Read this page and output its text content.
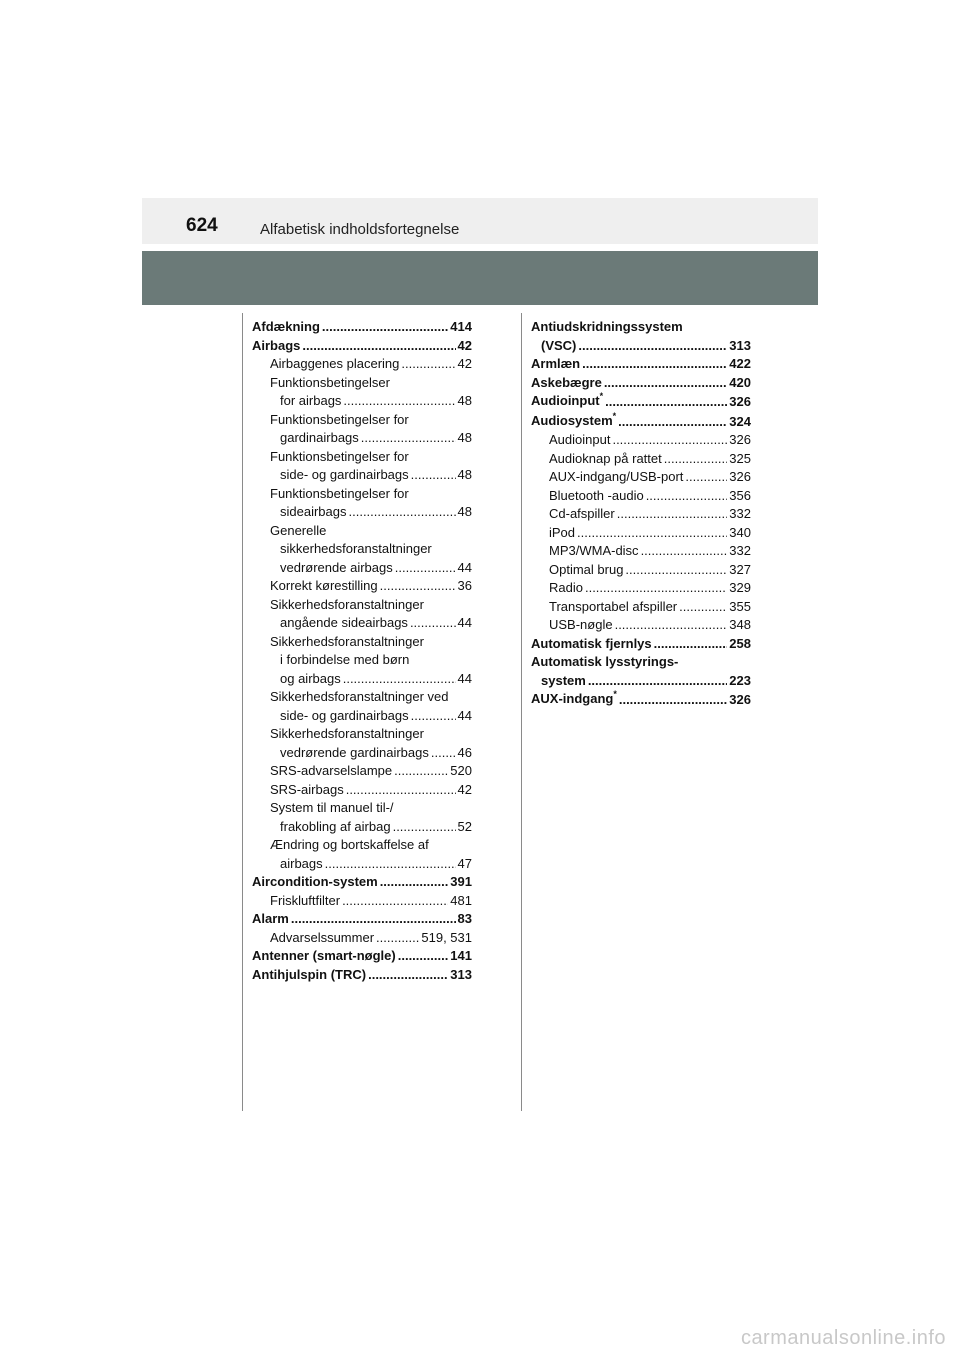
624	Alfabetisk indholdsfortegnelse
Afdækning .....	414
Airbags .....	42
Airbaggenes placering .....	42
Funktionsbetingelser
for airbags .....	48
Funktionsbetingelser for
gardinairbags .....	48
Funktionsbetingelser for
side- og gardinairbags .....	48
Funktionsbetingelser for
sideairbags .....	48
Generelle
sikkerhedsforanstaltninger
vedrørende airbags .....	44
Korrekt kørestilling .....	36
Sikkerhedsforanstaltninger
angående sideairbags .....	44
Sikkerhedsforanstaltninger
i forbindelse med børn
og airbags .....	44
Sikkerhedsforanstaltninger ved
side- og gardinairbags .....	44
Sikkerhedsforanstaltninger
vedrørende gardinairbags ..... 46
SRS-advarselslampe .....	520
SRS-airbags .....	42
System til manuel til-/
frakobling af airbag .....	52
Ændring og bortskaffelse af
airbags .....	47
Aircondition-system .....	391
Friskluftfilter .....	481
Alarm .....	83
Advarselssummer .....	519, 531
Antenner (smart-nøgle) .....	141
Antihjulspin (TRC) .....	313
Antiudskridningssystem
(VSC) .....	313
Armlæn .....	422
Askebægre .....	420
Audioinput* .....	326
Audiosystem* .....	324
Audioinput .....	326
Audioknap på rattet .....	325
AUX-indgang/USB-port .....	326
Bluetooth -audio .....	356
Cd-afspiller .....	332
iPod .....	340
MP3/WMA-disc .....	332
Optimal brug .....	327
Radio .....	329
Transportabel afspiller .....	355
USB-nøgle .....	348
Automatisk fjernlys .....	258
Automatisk lysstyrings-
system .....	223
AUX-indgang* .....	326
carmanualsonline.info
